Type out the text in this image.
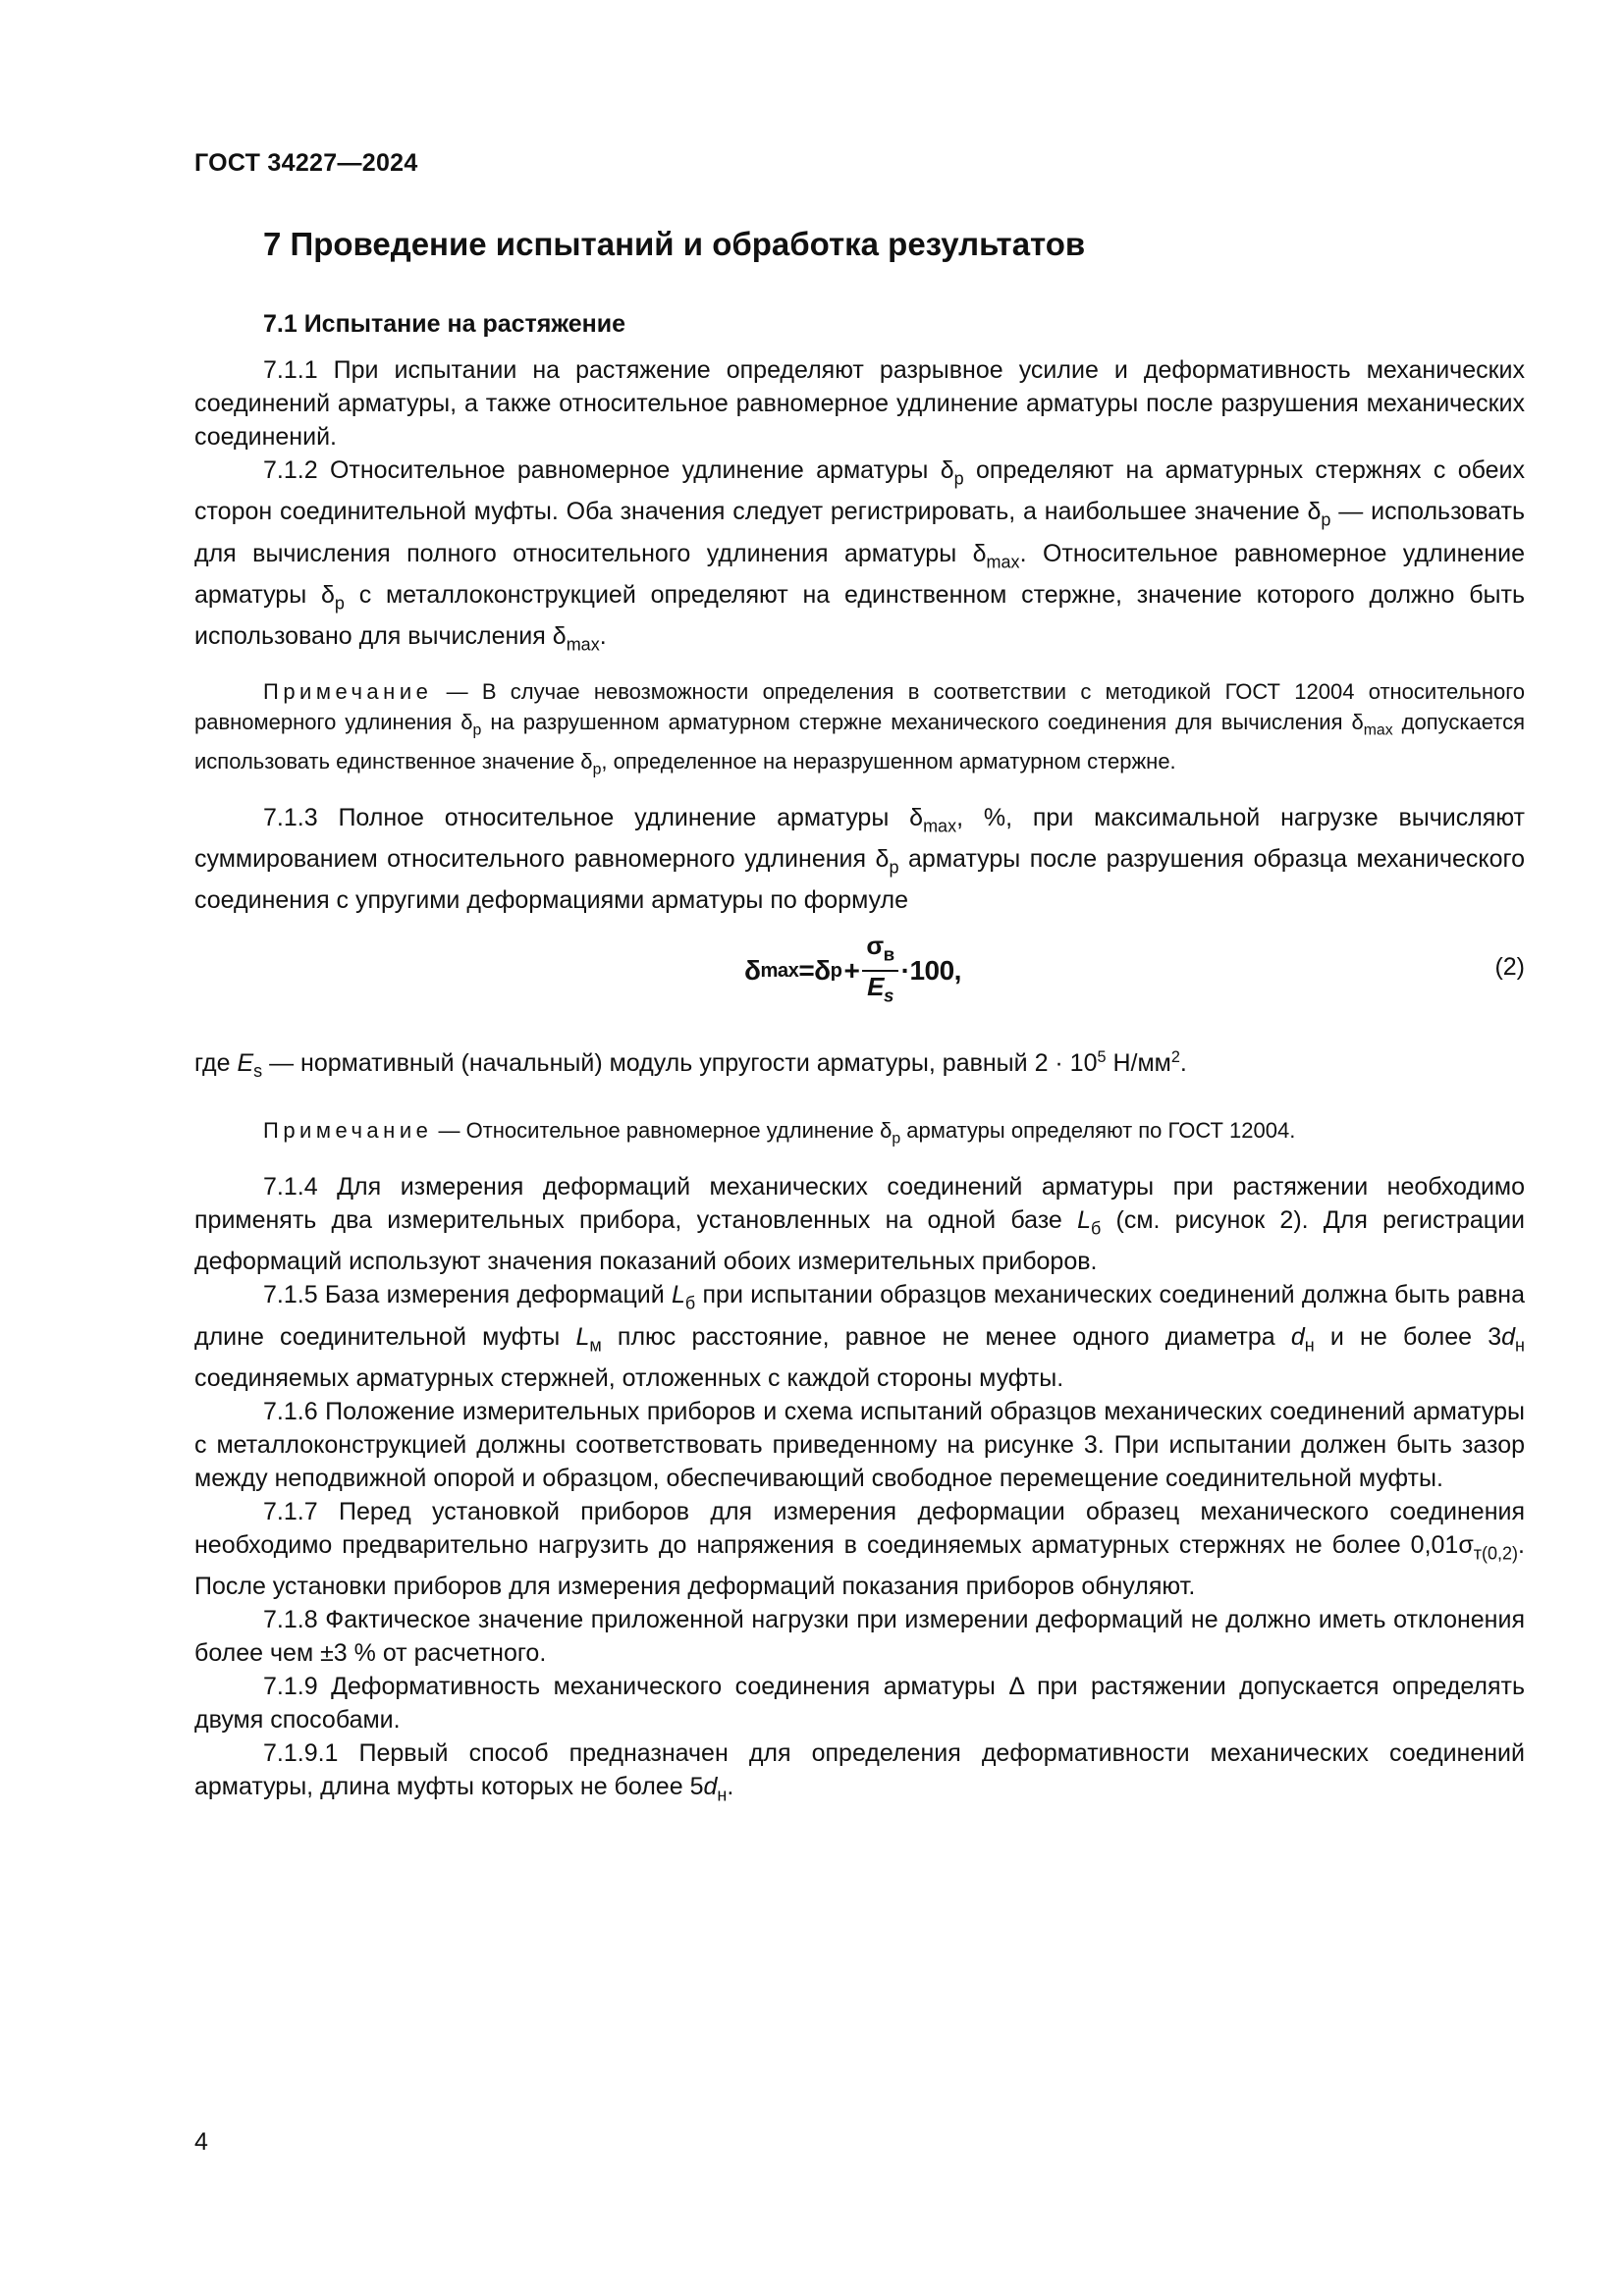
ГОСТ 34227—2024
7 Проведение испытаний и обработка результатов
7.1 Испытание на растяжение

7.1.1 При испытании на растяжение определяют разрывное усилие и деформативность механических соединений арматуры, а также относительное равномерное удлинение арматуры после разрушения механических соединений.

7.1.2 Относительное равномерное удлинение арматуры $\delta_р$ определяют на арматурных стержнях с обеих сторон соединительной муфты. Оба значения следует регистрировать, а наибольшее значение $\delta_р$ — использовать для вычисления полного относительного удлинения арматуры $\delta_{max}$. Относительное равномерное удлинение арматуры $\delta_р$ с металлоконструкцией определяют на единственном стержне, значение которого должно быть использовано для вычисления $\delta_{max}$.

Примечание — В случае невозможности определения в соответствии с методикой ГОСТ 12004 относительного равномерного удлинения $\delta_р$ на разрушенном арматурном стержне механического соединения для вычисления $\delta_{max}$ допускается использовать единственное значение $\delta_р$, определенное на неразрушенном арматурном стержне.

7.1.3 Полное относительное удлинение арматуры $\delta_{max}$, %, при максимальной нагрузке вычисляют суммированием относительного равномерного удлинения $\delta_р$ арматуры после разрушения образца механического соединения с упругими деформациями арматуры по формуле

δ max =δ $р + \frac{\sigma_в}{E_s} \cdot 100$,	(2)

где $E_s$ — нормативный (начальный) модуль упругости арматуры, равный $2 \cdot 10^5$ $Н/мм^2$.

Примечание — Относительное равномерное удлинение $\delta_р$ арматуры определяют по ГОСТ 12004.

7.1.4 Для измерения деформаций механических соединений арматуры при растяжении необходимо применять два измерительных прибора, установленных на одной базе $L_б$ (см. рисунок 2). Для регистрации деформаций используют значения показаний обоих измерительных приборов.

7.1.5 База измерения деформаций $L_б$ при испытании образцов механических соединений должна быть равна длине соединительной муфты $L_м$ плюс расстояние, равное не менее одного диаметра $d_н$ и не более $3d_н$ соединяемых арматурных стержней, отложенных с каждой стороны муфты.

7.1.6 Положение измерительных приборов и схема испытаний образцов механических соединений арматуры с металлоконструкцией должны соответствовать приведенному на рисунке 3. При испытании должен быть зазор между неподвижной опорой и образцом, обеспечивающий свободное перемещение соединительной муфты.

7.1.7 Перед установкой приборов для измерения деформации образец механического соединения необходимо предварительно нагрузить до напряжения в соединяемых арматурных стержнях не более $0,01\sigma_{т(0,2)}$. После установки приборов для измерения деформаций показания приборов обнуляют.

7.1.8 Фактическое значение приложенной нагрузки при измерении деформаций не должно иметь отклонения более чем ±3 % от расчетного.

7.1.9 Деформативность механического соединения арматуры Δ при растяжении допускается определять двумя способами.

7.1.9.1 Первый способ предназначен для определения деформативности механических соединений арматуры, длина муфты которых не более $5d_н$.

4
